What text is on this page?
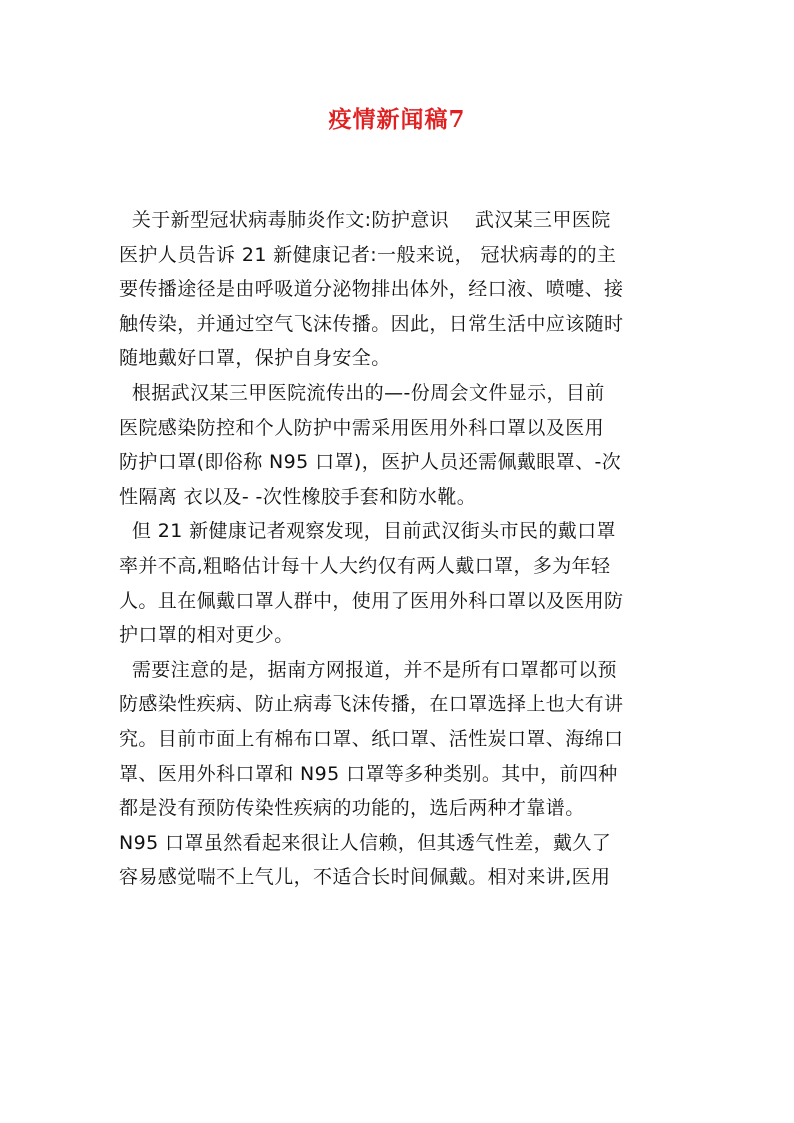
疫情新闻稿7
关于新型冠状病毒肺炎作文:防护意识    武汉某三甲医院
医护人员告诉 21 新健康记者:一般来说， 冠状病毒的的主
要传播途径是由呼吸道分泌物排出体外，经口液、喷嚏、接
触传染，并通过空气飞沫传播。因此，日常生活中应该随时
随地戴好口罩，保护自身安全。
根据武汉某三甲医院流传出的—-份周会文件显示，目前
医院感染防控和个人防护中需采用医用外科口罩以及医用
防护口罩(即俗称 N95 口罩)，医护人员还需佩戴眼罩、-次
性隔离 衣以及- -次性橡胶手套和防水靴。
但 21 新健康记者观察发现，目前武汉街头市民的戴口罩
率并不高,粗略估计每十人大约仅有两人戴口罩，多为年轻
人。且在佩戴口罩人群中，使用了医用外科口罩以及医用防
护口罩的相对更少。
需要注意的是，据南方网报道，并不是所有口罩都可以预
防感染性疾病、防止病毒飞沫传播，在口罩选择上也大有讲
究。目前市面上有棉布口罩、纸口罩、活性炭口罩、海绵口
罩、医用外科口罩和 N95 口罩等多种类别。其中，前四种
都是没有预防传染性疾病的功能的，选后两种才靠谱。
N95 口罩虽然看起来很让人信赖，但其透气性差，戴久了
容易感觉喘不上气儿，不适合长时间佩戴。相对来讲,医用
